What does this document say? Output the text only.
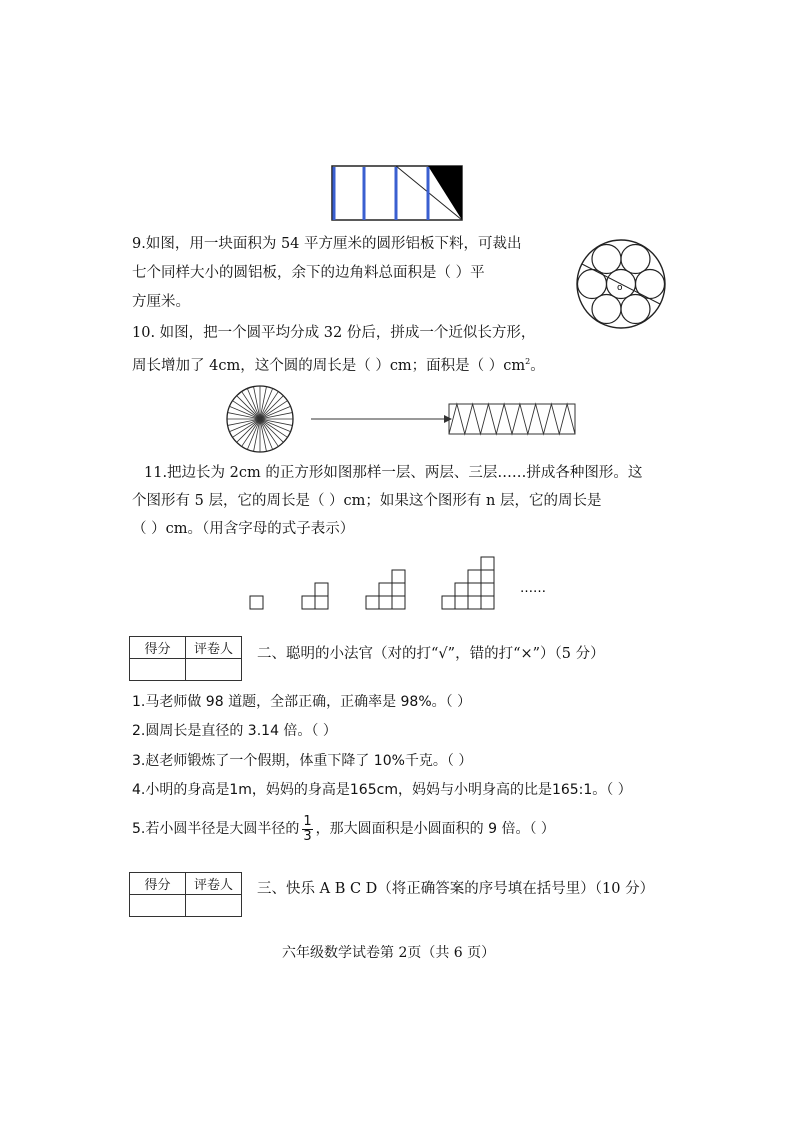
9.如图，用一块面积为 54 平方厘米的圆形铝板下料，可裁出
七个同样大小的圆铝板，余下的边角料总面积是（ ）平
方厘米。
o
10. 如图，把一个圆平均分成 32 份后，拼成一个近似长方形，
周长增加了 4cm，这个圆的周长是（ ）cm；面积是（ ）$cm^2$。
11.把边长为 2cm 的正方形如图那样一层、两层、三层……拼成各种图形。这
个图形有 5 层，它的周长是（ ）cm；如果这个图形有 n 层，它的周长是
（ ）cm。（用含字母的式子表示）
……
得分	评卷人
	二、聪明的小法官（对的打“√”，错的打“×”）（5 分）
1.马老师做 98 道题，全部正确，正确率是 98%。（ ）
2.圆周长是直径的 3.14 倍。（ ）
3.赵老师锻炼了一个假期，体重下降了 10%千克。（ ）
4.小明的身高是1m，妈妈的身高是165cm，妈妈与小明身高的比是165:1。（ ）
5.若小圆半径是大圆半径的 $\frac{1}{3}$ ，那大圆面积是小圆面积的 9 倍。（ ）
得分	评卷人
	三、快乐 A B C D（将正确答案的序号填在括号里）（10 分）
六年级数学试卷第 2页（共 6 页）
